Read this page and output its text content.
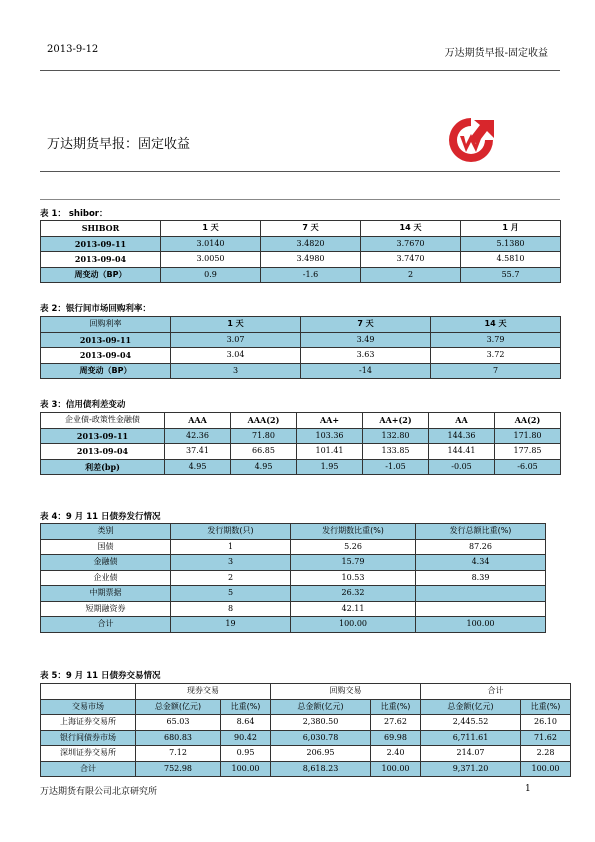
2013-9-12	万达期货早报-固定收益
万达期货早报：固定收益
表 1： shibor：
SHIBOR	1 天	7 天	14 天	1 月
2013-09-11	3.0140	3.4820	3.7670	5.1380
2013-09-04	3.0050	3.4980	3.7470	4.5810
周变动（BP）	0.9	-1.6	2	55.7
表 2：银行间市场回购利率：
回购利率	1 天	7 天	14 天
2013-09-11	3.07	3.49	3.79
2013-09-04	3.04	3.63	3.72
周变动（BP）	3	-14	7
表 3：信用债利差变动
企业债-政策性金融债	AAA	AAA(2)	AA+	AA+(2)	AA	AA(2)
2013-09-11	42.36	71.80	103.36	132.80	144.36	171.80
2013-09-04	37.41	66.85	101.41	133.85	144.41	177.85
利差(bp)	4.95	4.95	1.95	-1.05	-0.05	-6.05
表 4：9 月 11 日债券发行情况
类别	发行期数(只)	发行期数比重(%)	发行总额比重(%)
国债	1	5.26	87.26
金融债	3	15.79	4.34
企业债	2	10.53	8.39
中期票据	5	26.32	
短期融资券	8	42.11	
合计	19	100.00	100.00
表 5：9 月 11 日债券交易情况
	现券交易		回购交易		合计	
交易市场	总金额(亿元)	比重(%)	总金额(亿元)	比重(%)	总金额(亿元)	比重(%)
上海证券交易所	65.03	8.64	2,380.50	27.62	2,445.52	26.10
银行间债券市场	680.83	90.42	6,030.78	69.98	6,711.61	71.62
深圳证券交易所	7.12	0.95	206.95	2.40	214.07	2.28
合计	752.98	100.00	8,618.23	100.00	9,371.20	100.00
万达期货有限公司北京研究所	1
